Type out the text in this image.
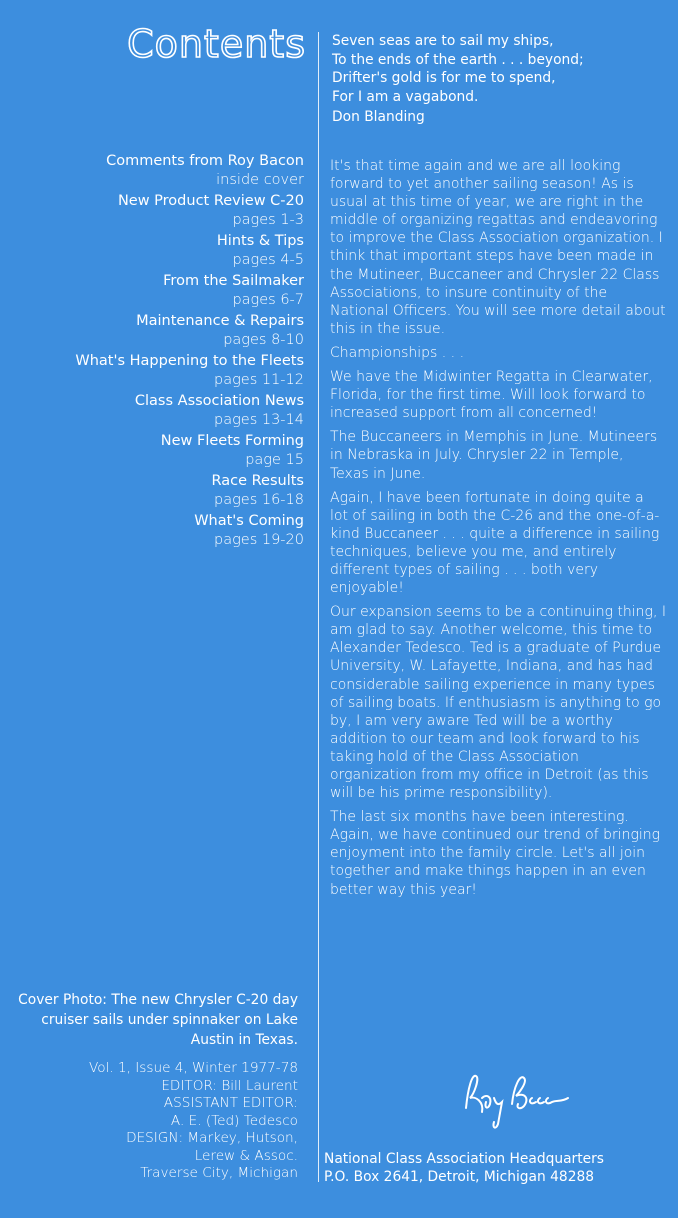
Contents
Comments from Roy Bacon
inside cover
New Product Review C-20
pages 1-3
Hints & Tips
pages 4-5
From the Sailmaker
pages 6-7
Maintenance & Repairs
pages 8-10
What's Happening to the Fleets
pages 11-12
Class Association News
pages 13-14
New Fleets Forming
page 15
Race Results
pages 16-18
What's Coming
pages 19-20
Cover Photo: The new Chrysler C-20 day cruiser sails under spinnaker on Lake Austin in Texas.
Vol. 1, Issue 4, Winter 1977-78
EDITOR: Bill Laurent
ASSISTANT EDITOR:
A. E. (Ted) Tedesco
DESIGN: Markey, Hutson,
Lerew & Assoc.
Traverse City, Michigan
Seven seas are to sail my ships,
To the ends of the earth . . . beyond;
Drifter's gold is for me to spend,
For I am a vagabond.
Don Blanding

It's that time again and we are all looking forward to yet another sailing season! As is usual at this time of year, we are right in the middle of organizing regattas and endeavoring to improve the Class Association organization. I think that important steps have been made in the Mutineer, Buccaneer and Chrysler 22 Class Associations, to insure continuity of the National Officers. You will see more detail about this in the issue.

Championships . . .

We have the Midwinter Regatta in Clearwater, Florida, for the first time. Will look forward to increased support from all concerned!

The Buccaneers in Memphis in June. Mutineers in Nebraska in July. Chrysler 22 in Temple, Texas in June.

Again, I have been fortunate in doing quite a lot of sailing in both the C-26 and the one-of-a-kind Buccaneer . . . quite a difference in sailing techniques, believe you me, and entirely different types of sailing . . . both very enjoyable!

Our expansion seems to be a continuing thing, I am glad to say. Another welcome, this time to Alexander Tedesco. Ted is a graduate of Purdue University, W. Lafayette, Indiana, and has had considerable sailing experience in many types of sailing boats. If enthusiasm is anything to go by, I am very aware Ted will be a worthy addition to our team and look forward to his taking hold of the Class Association organization from my office in Detroit (as this will be his prime responsibility).

The last six months have been interesting. Again, we have continued our trend of bringing enjoyment into the family circle. Let's all join together and make things happen in an even better way this year!

National Class Association Headquarters
P.O. Box 2641, Detroit, Michigan 48288
